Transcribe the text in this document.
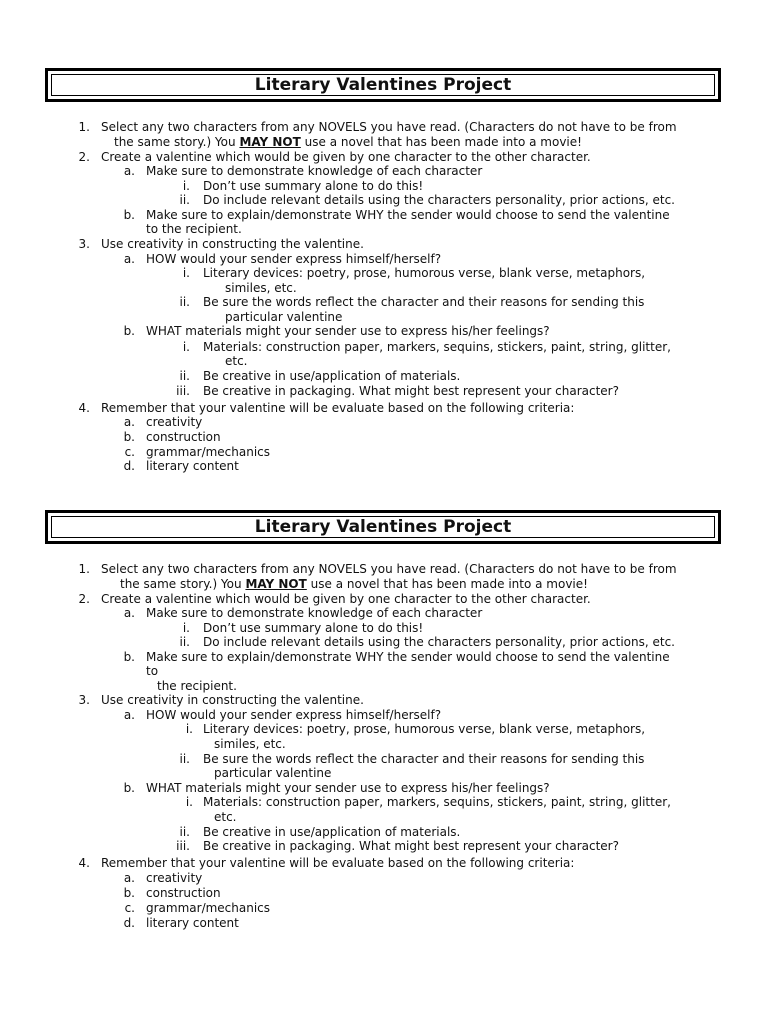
Literary Valentines Project
1. Select any two characters from any NOVELS you have read. (Characters do not have to be from
the same story.) You MAY NOT use a novel that has been made into a movie!
2. Create a valentine which would be given by one character to the other character.
a. Make sure to demonstrate knowledge of each character
i. Don’t use summary alone to do this!
ii. Do include relevant details using the characters personality, prior actions, etc.
b. Make sure to explain/demonstrate WHY the sender would choose to send the valentine
to the recipient.
3. Use creativity in constructing the valentine.
a. HOW would your sender express himself/herself?
i. Literary devices: poetry, prose, humorous verse, blank verse, metaphors,
similes, etc.
ii. Be sure the words reflect the character and their reasons for sending this
particular valentine
b. WHAT materials might your sender use to express his/her feelings?
i. Materials: construction paper, markers, sequins, stickers, paint, string, glitter,
etc.
ii. Be creative in use/application of materials.
iii. Be creative in packaging. What might best represent your character?
4. Remember that your valentine will be evaluate based on the following criteria:
a. creativity
b. construction
c. grammar/mechanics
d. literary content
Literary Valentines Project
1. Select any two characters from any NOVELS you have read. (Characters do not have to be from
the same story.) You MAY NOT use a novel that has been made into a movie!
2. Create a valentine which would be given by one character to the other character.
a. Make sure to demonstrate knowledge of each character
i. Don’t use summary alone to do this!
ii. Do include relevant details using the characters personality, prior actions, etc.
b. Make sure to explain/demonstrate WHY the sender would choose to send the valentine
to
the recipient.
3. Use creativity in constructing the valentine.
a. HOW would your sender express himself/herself?
i. Literary devices: poetry, prose, humorous verse, blank verse, metaphors,
similes, etc.
ii. Be sure the words reflect the character and their reasons for sending this
particular valentine
b. WHAT materials might your sender use to express his/her feelings?
i. Materials: construction paper, markers, sequins, stickers, paint, string, glitter,
etc.
ii. Be creative in use/application of materials.
iii. Be creative in packaging. What might best represent your character?
4. Remember that your valentine will be evaluate based on the following criteria:
a. creativity
b. construction
c. grammar/mechanics
d. literary content
